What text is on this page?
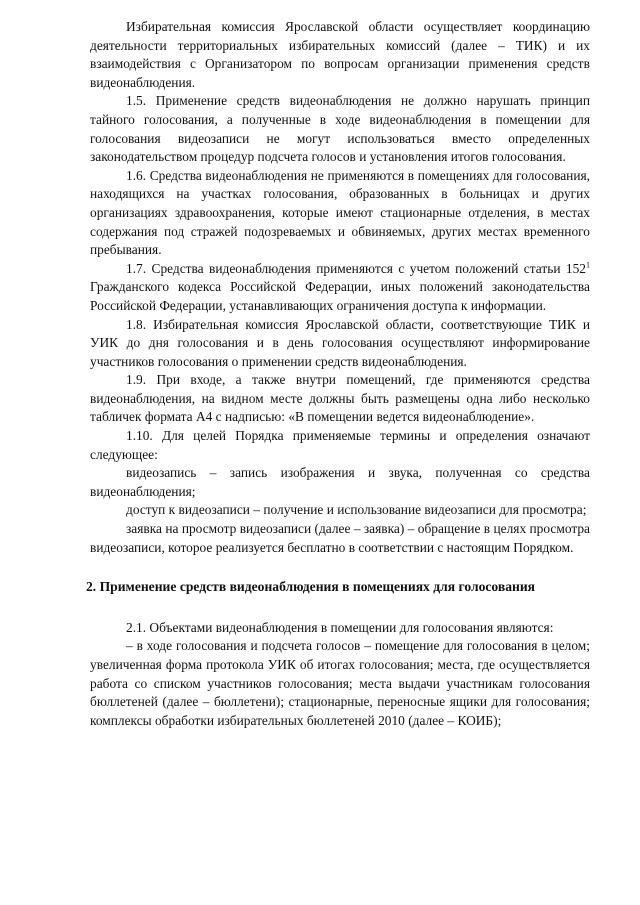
Избирательная комиссия Ярославской области осуществляет координацию деятельности территориальных избирательных комиссий (далее – ТИК) и их взаимодействия с Организатором по вопросам организации применения средств видеонаблюдения.

1.5. Применение средств видеонаблюдения не должно нарушать принцип тайного голосования, а полученные в ходе видеонаблюдения в помещении для голосования видеозаписи не могут использоваться вместо определенных законодательством процедур подсчета голосов и установления итогов голосования.

1.6. Средства видеонаблюдения не применяются в помещениях для голосования, находящихся на участках голосования, образованных в больницах и других организациях здравоохранения, которые имеют стационарные отделения, в местах содержания под стражей подозреваемых и обвиняемых, других местах временного пребывания.

1.7. Средства видеонаблюдения применяются с учетом положений статьи $152^1$ Гражданского кодекса Российской Федерации, иных положений законодательства Российской Федерации, устанавливающих ограничения доступа к информации.

1.8. Избирательная комиссия Ярославской области, соответствующие ТИК и УИК до дня голосования и в день голосования осуществляют информирование участников голосования о применении средств видеонаблюдения.

1.9. При входе, а также внутри помещений, где применяются средства видеонаблюдения, на видном месте должны быть размещены одна либо несколько табличек формата А4 с надписью: «В помещении ведется видеонаблюдение».

1.10. Для целей Порядка применяемые термины и определения означают следующее:

видеозапись – запись изображения и звука, полученная со средства видеонаблюдения;

доступ к видеозаписи – получение и использование видеозаписи для просмотра;

заявка на просмотр видеозаписи (далее – заявка) – обращение в целях просмотра видеозаписи, которое реализуется бесплатно в соответствии с настоящим Порядком.

2. Применение средств видеонаблюдения в помещениях для голосования

2.1. Объектами видеонаблюдения в помещении для голосования являются:

– в ходе голосования и подсчета голосов – помещение для голосования в целом; увеличенная форма протокола УИК об итогах голосования; места, где осуществляется работа со списком участников голосования; места выдачи участникам голосования бюллетеней (далее – бюллетени); стационарные, переносные ящики для голосования; комплексы обработки избирательных бюллетеней 2010 (далее – КОИБ);
